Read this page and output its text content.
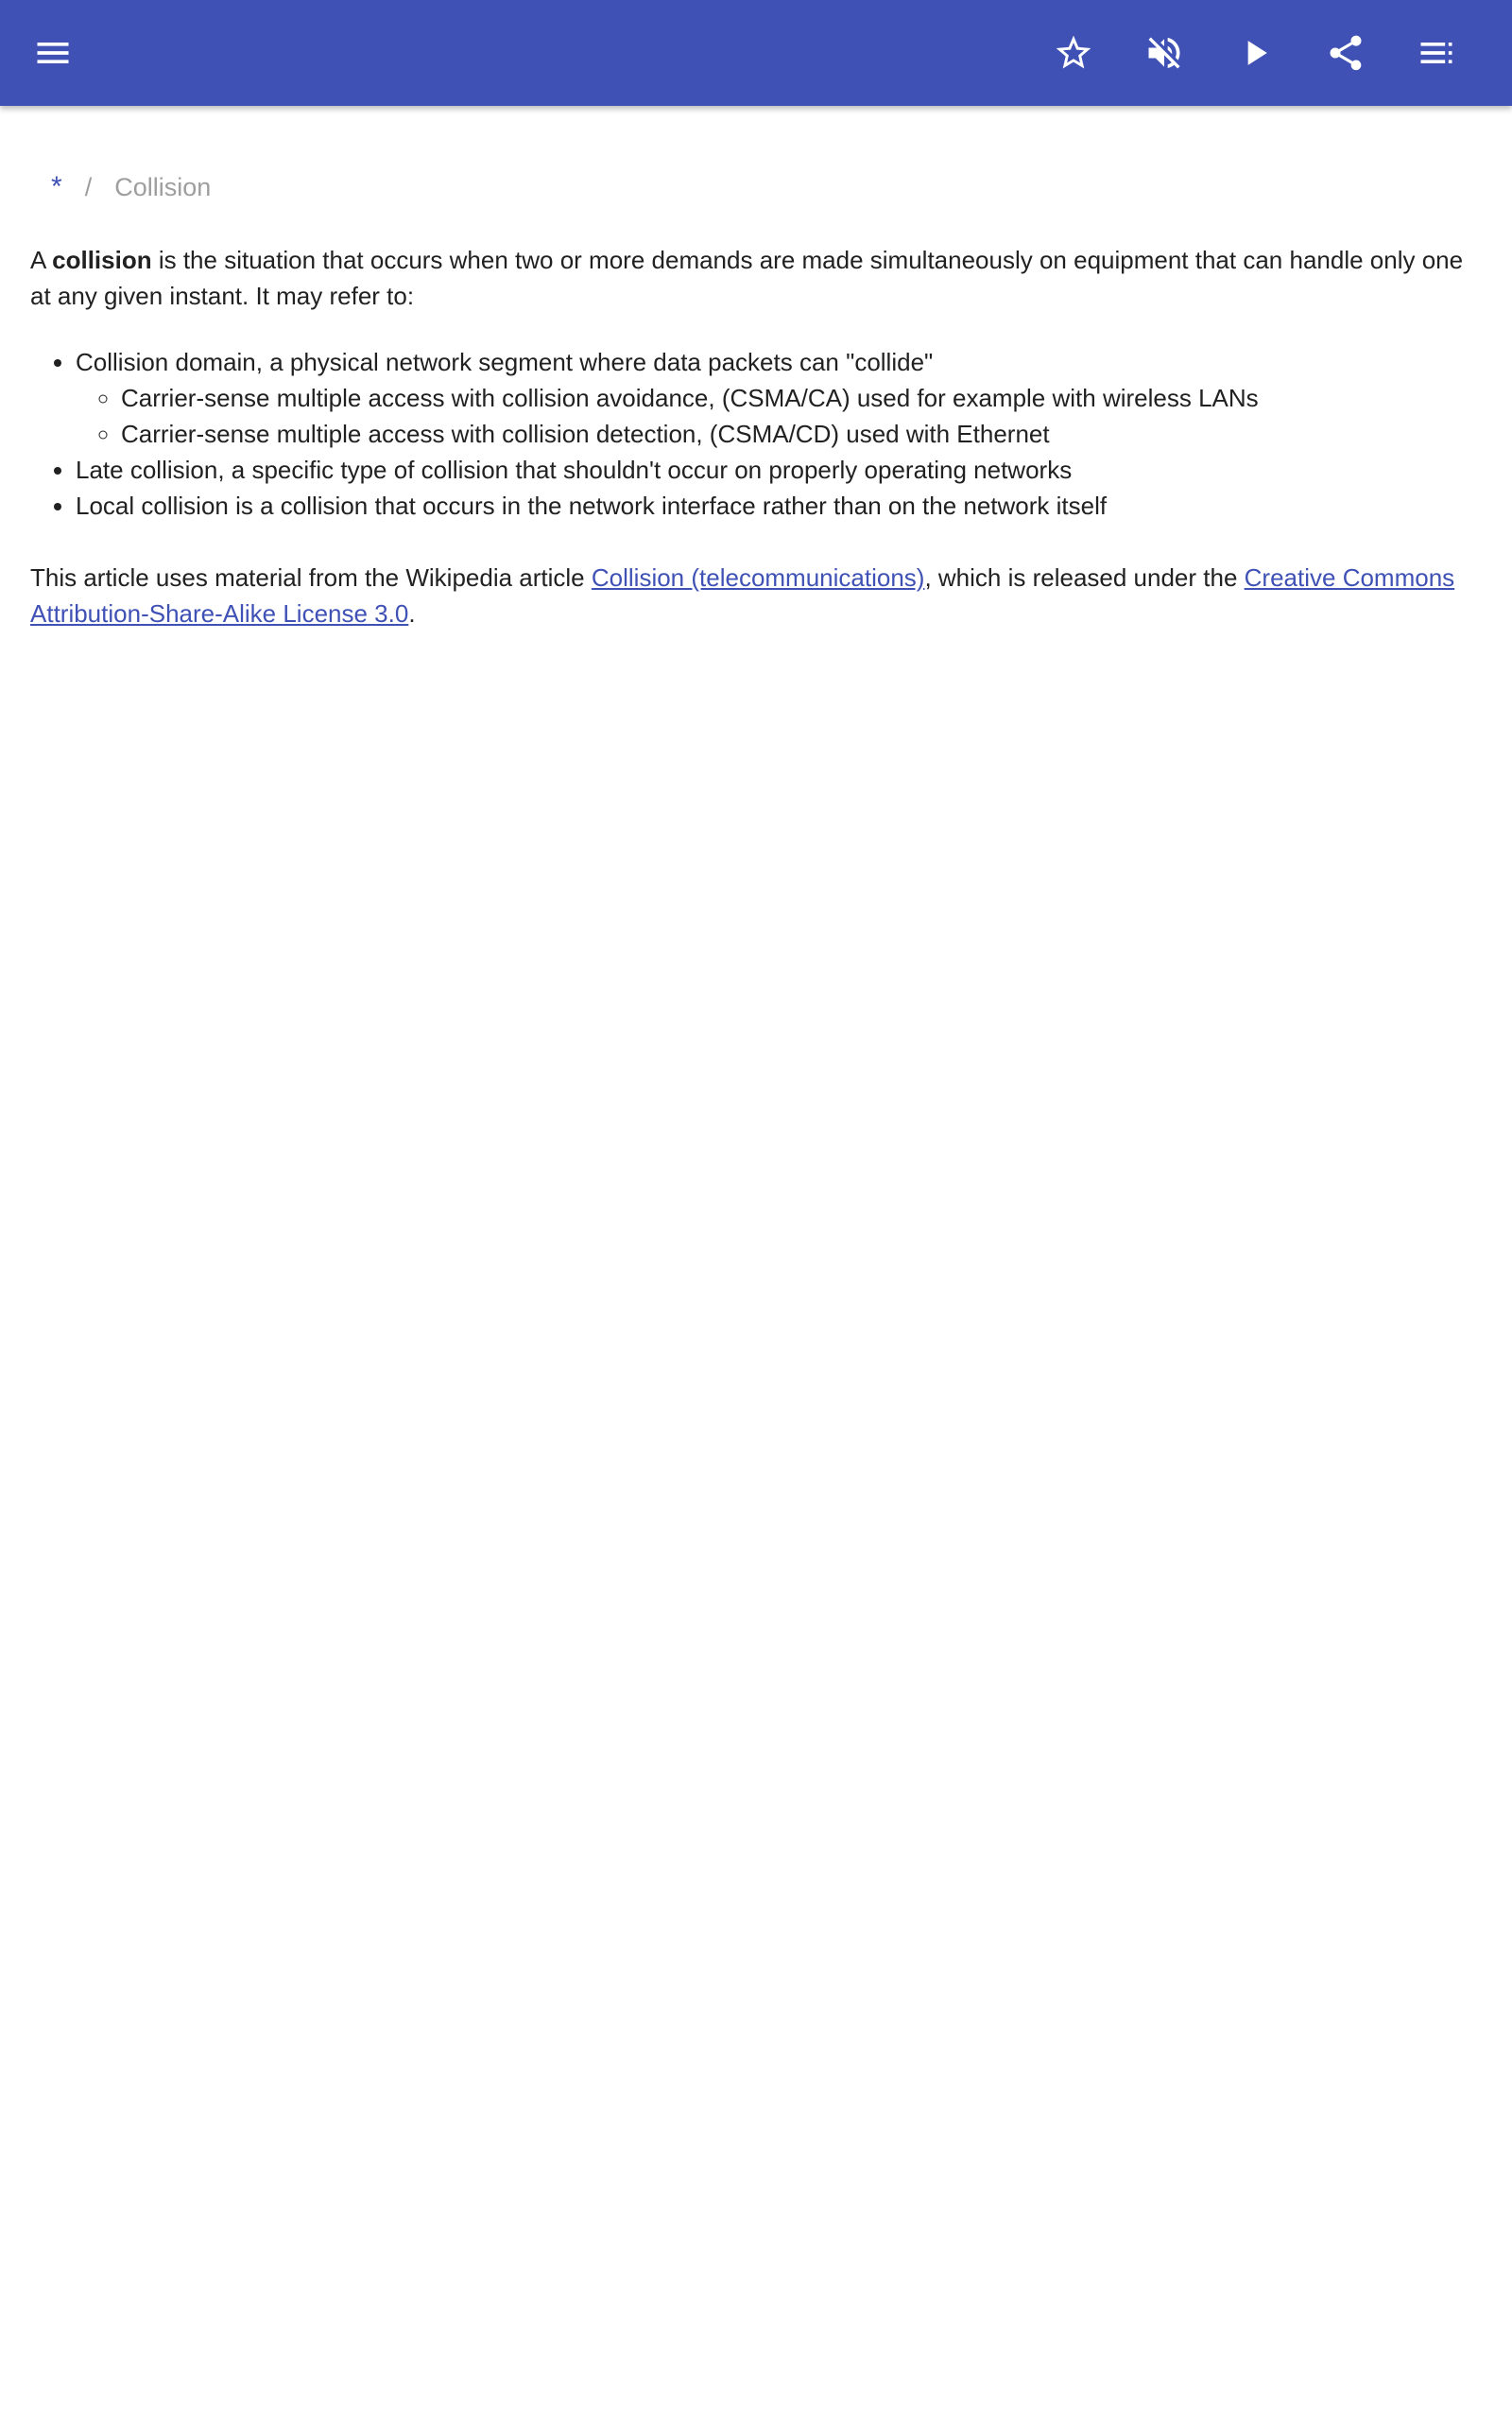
* / Collision

A collision is the situation that occurs when two or more demands are made simultaneously on equipment that can handle only one at any given instant. It may refer to:

• Collision domain, a physical network segment where data packets can "collide"
◦ Carrier-sense multiple access with collision avoidance, (CSMA/CA) used for example with wireless LANs
◦ Carrier-sense multiple access with collision detection, (CSMA/CD) used with Ethernet
• Late collision, a specific type of collision that shouldn't occur on properly operating networks
• Local collision is a collision that occurs in the network interface rather than on the network itself

This article uses material from the Wikipedia article Collision (telecommunications), which is released under the Creative Commons Attribution-Share-Alike License 3.0.
